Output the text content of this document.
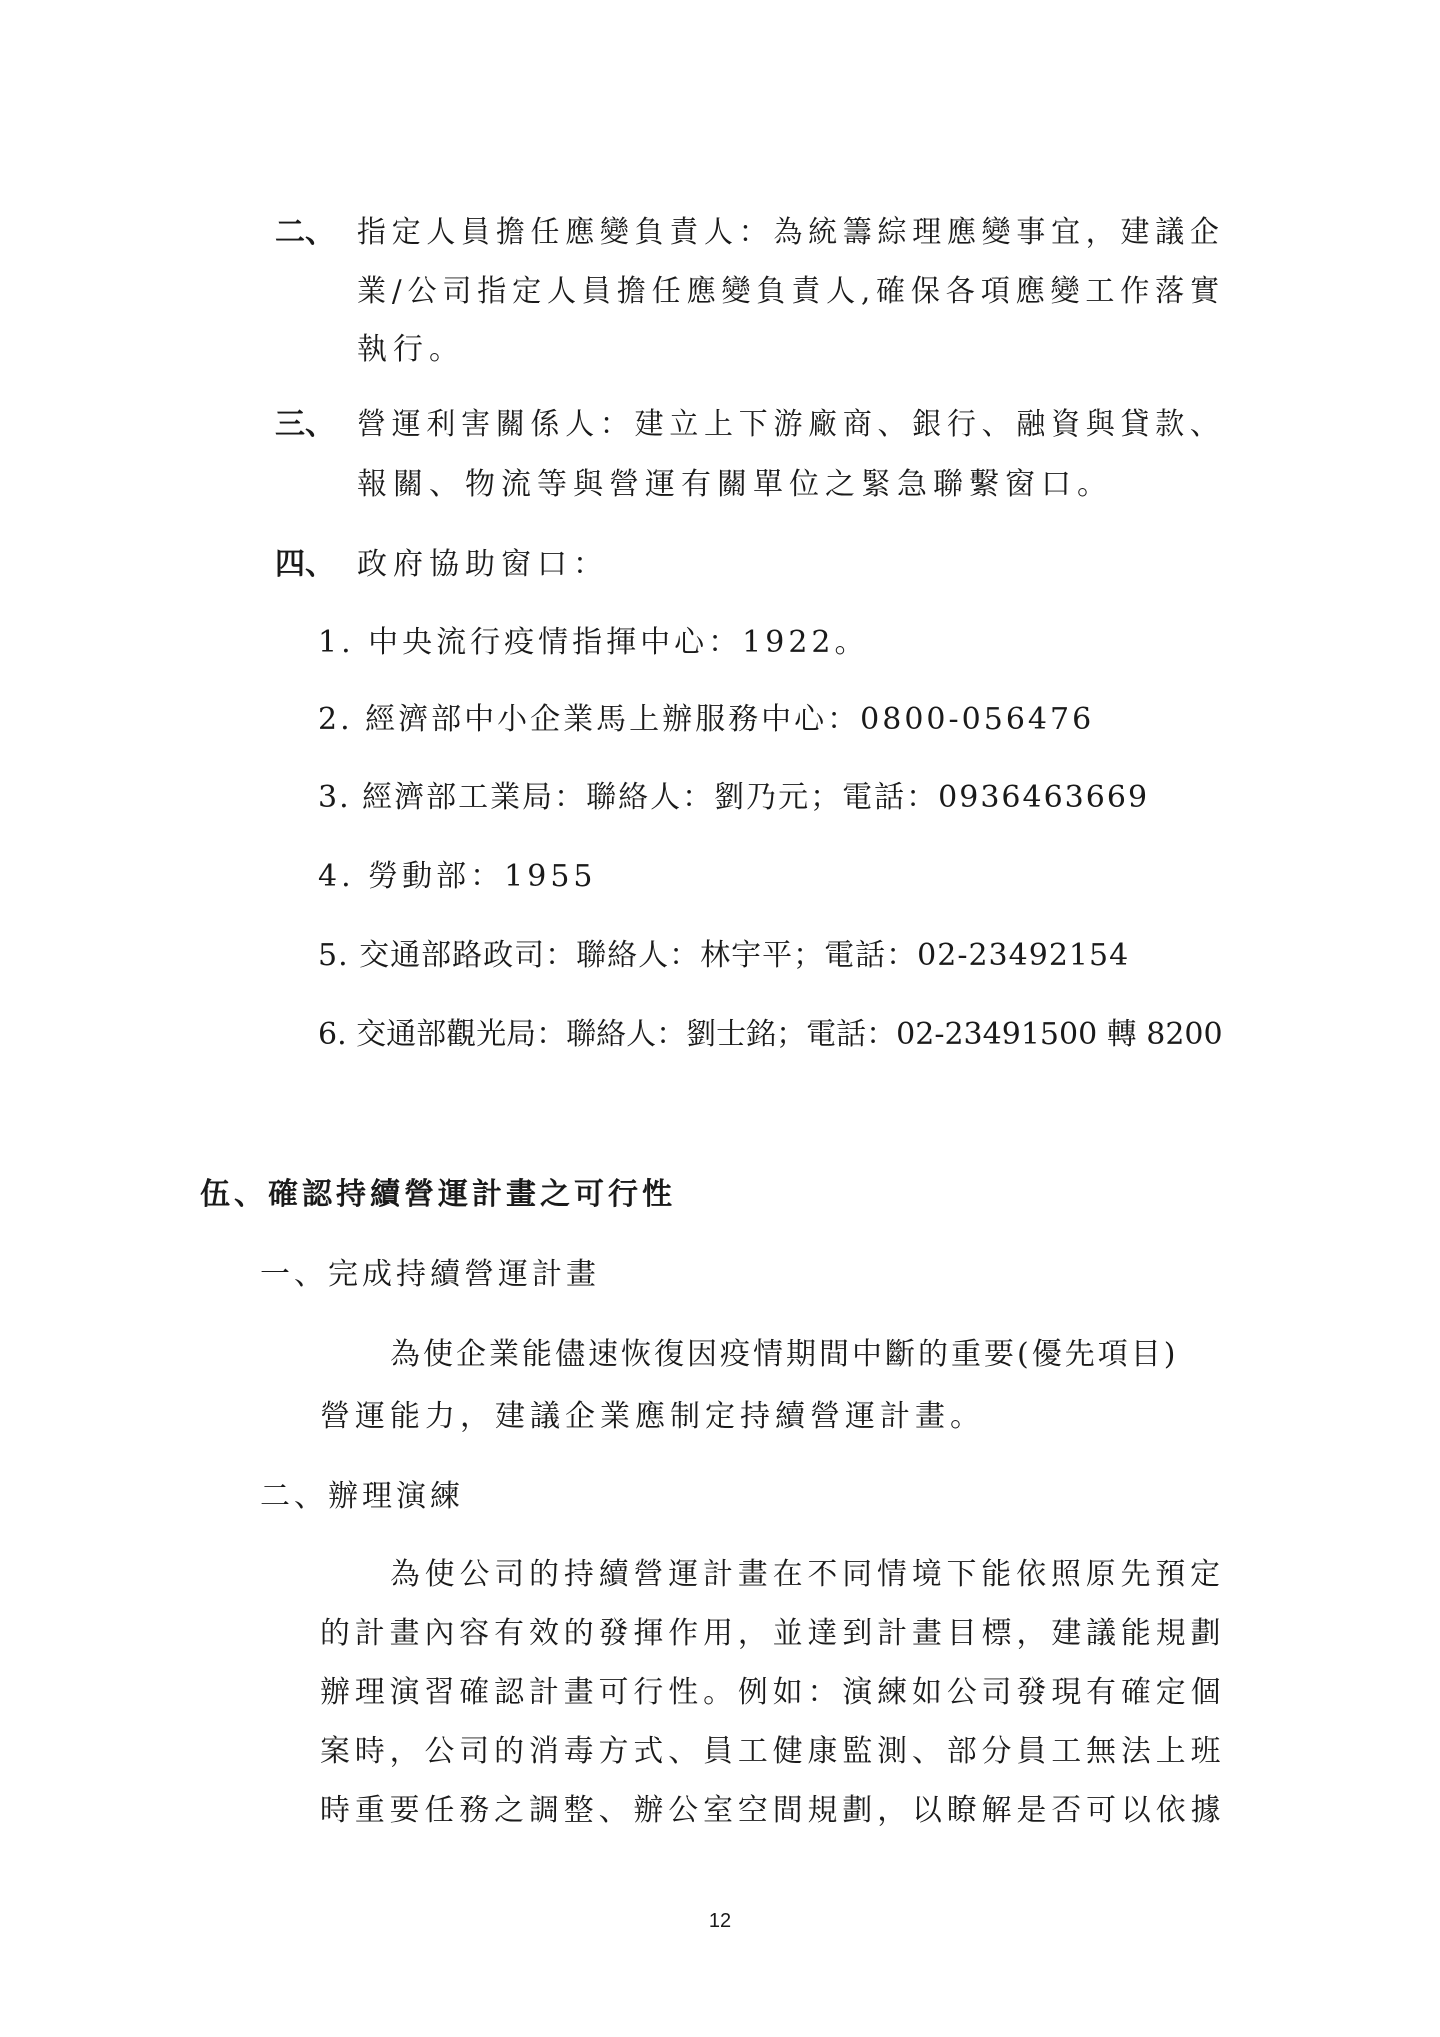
二、 指定人員擔任應變負責人：為統籌綜理應變事宜，建議企
業/公司指定人員擔任應變負責人,確保各項應變工作落實
執行。
三、 營運利害關係人：建立上下游廠商、銀行、融資與貸款、
報關、物流等與營運有關單位之緊急聯繫窗口。
四、 政府協助窗口：
1. 中央流行疫情指揮中心：1922。
2. 經濟部中小企業馬上辦服務中心：0800-056476
3. 經濟部工業局：聯絡人：劉乃元；電話：0936463669
4. 勞動部：1955
5. 交通部路政司：聯絡人：林宇平；電話：02-23492154
6. 交通部觀光局：聯絡人：劉士銘；電話：02-23491500 轉 8200
伍、確認持續營運計畫之可行性
一、完成持續營運計畫
為使企業能儘速恢復因疫情期間中斷的重要(優先項目)
營運能力，建議企業應制定持續營運計畫。
二、辦理演練
為使公司的持續營運計畫在不同情境下能依照原先預定
的計畫內容有效的發揮作用，並達到計畫目標，建議能規劃
辦理演習確認計畫可行性。例如：演練如公司發現有確定個
案時，公司的消毒方式、員工健康監測、部分員工無法上班
時重要任務之調整、辦公室空間規劃，以瞭解是否可以依據
12
